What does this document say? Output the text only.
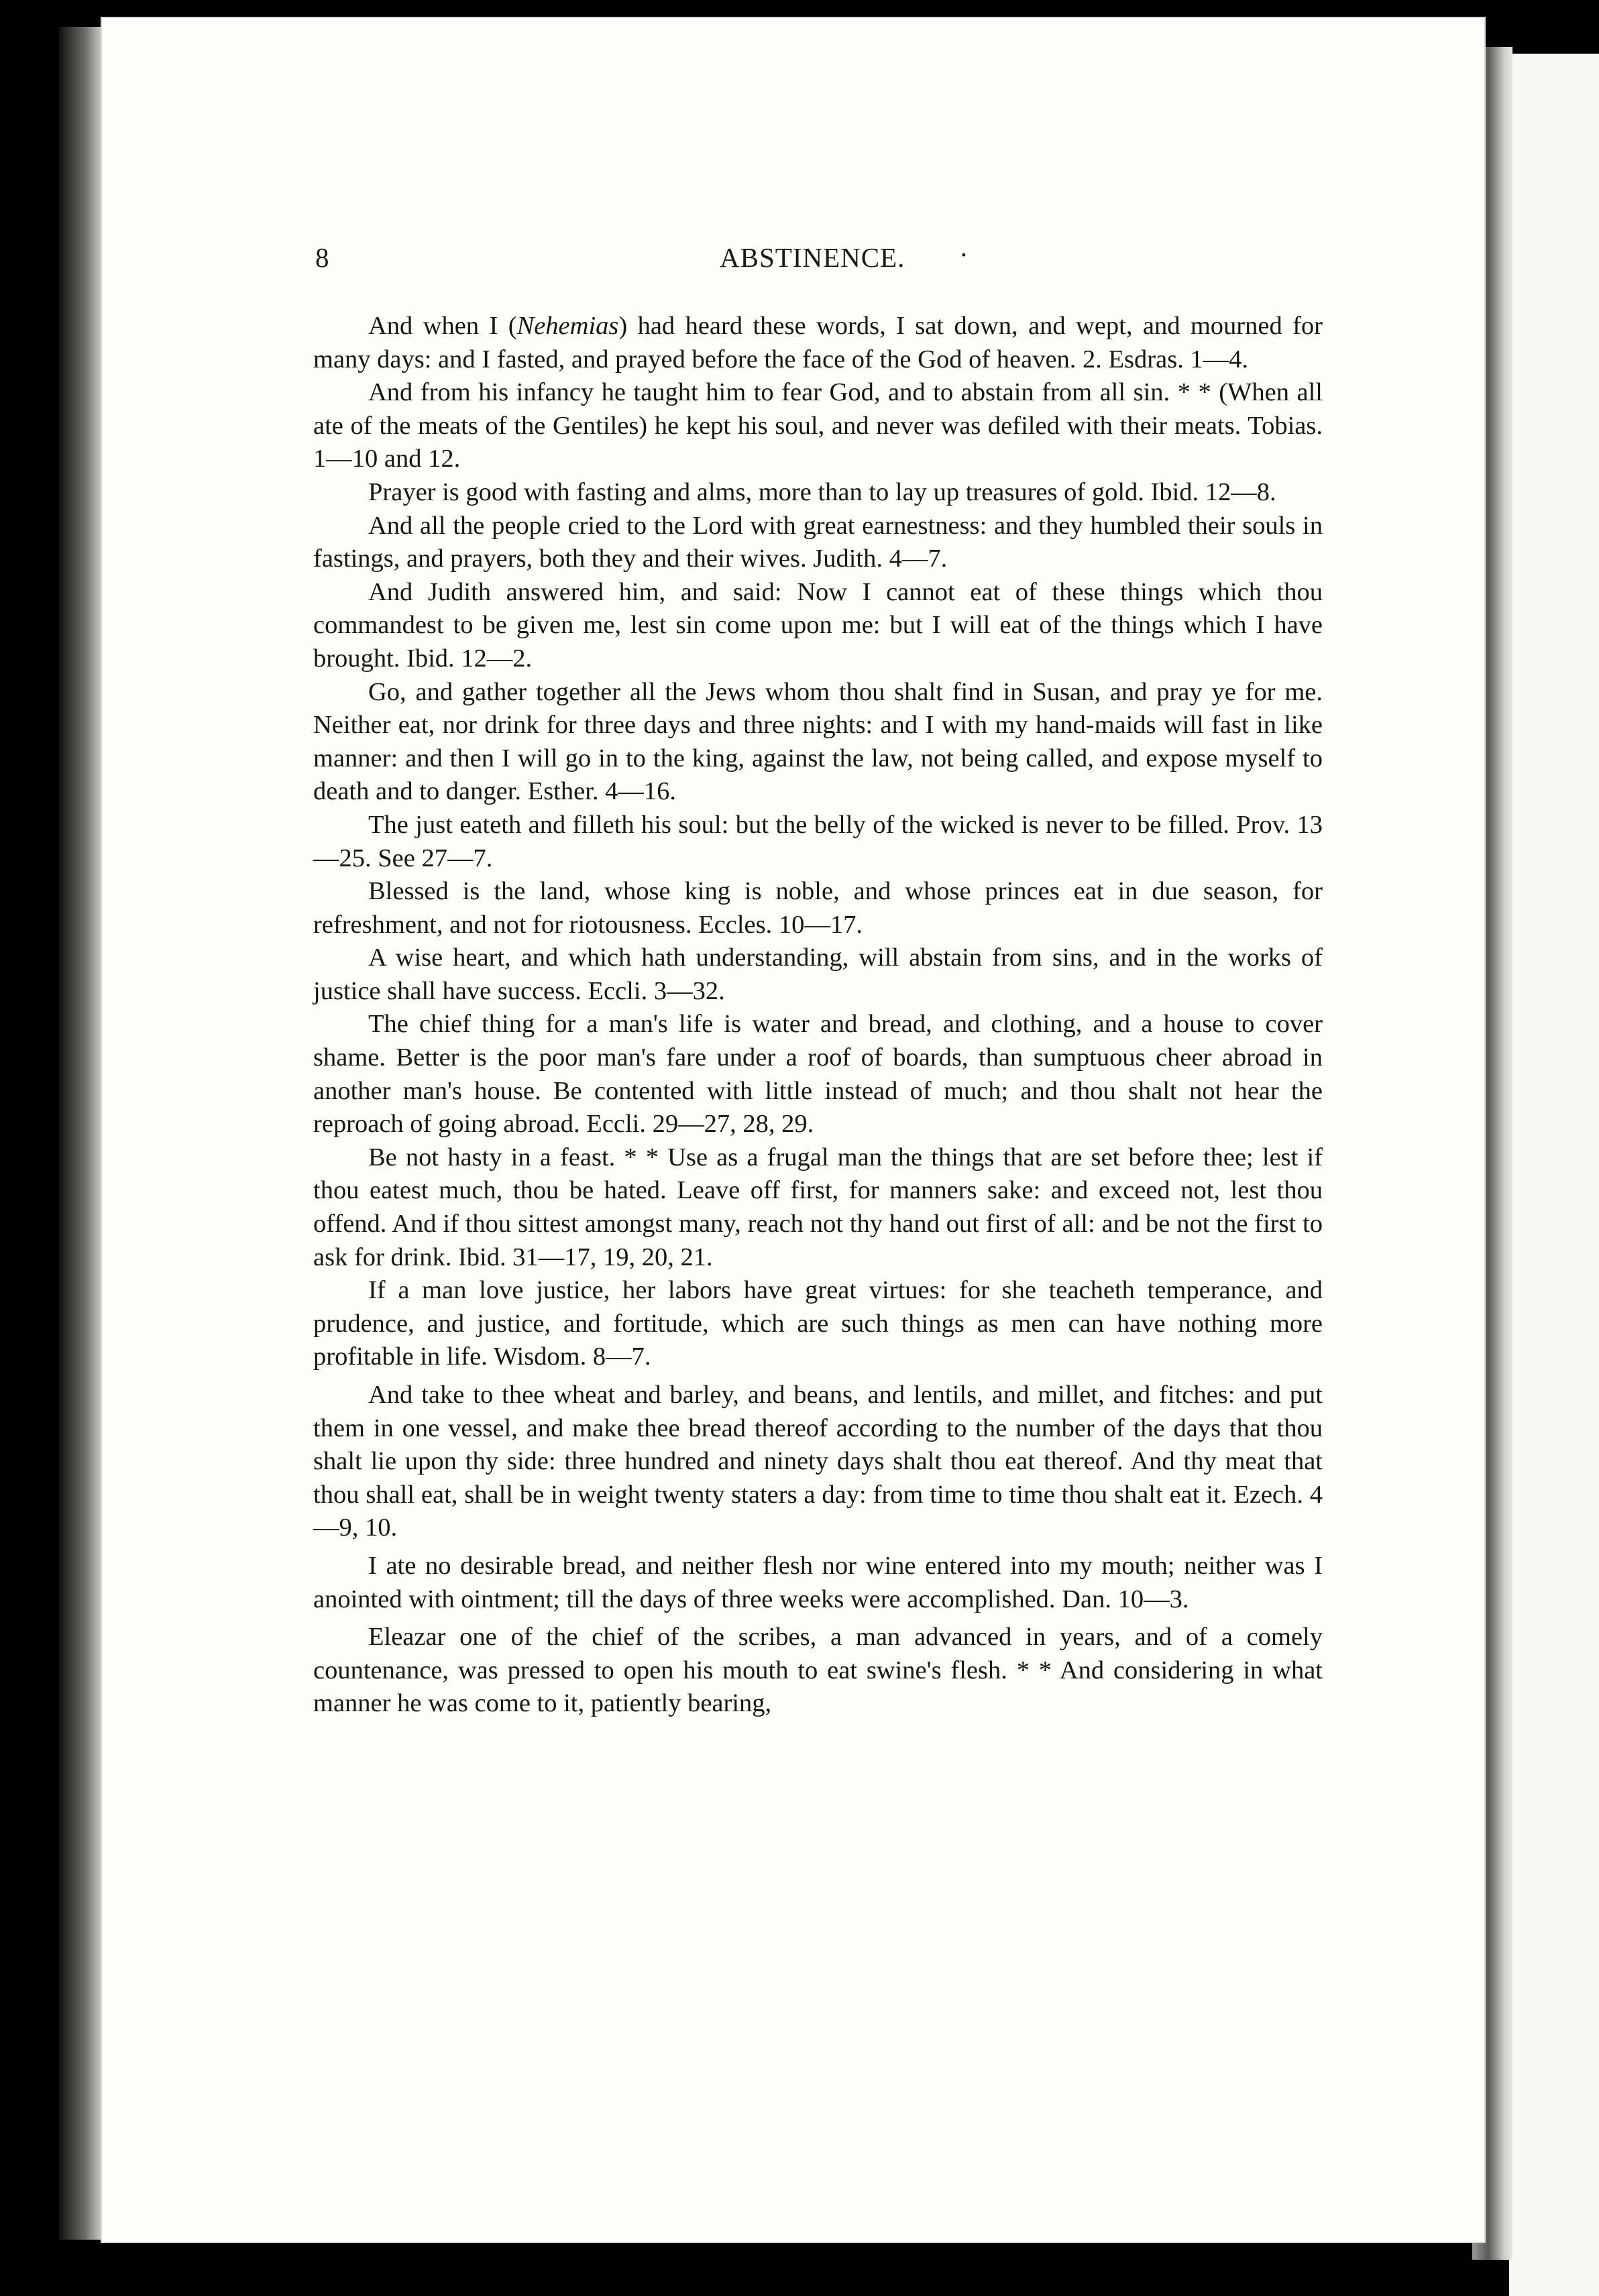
8	ABSTINENCE. ·

And when I (Nehemias) had heard these words, I sat down, and wept, and mourned for many days: and I fasted, and prayed before the face of the God of heaven. 2. Esdras. 1—4.

And from his infancy he taught him to fear God, and to abstain from all sin. * * (When all ate of the meats of the Gentiles) he kept his soul, and never was defiled with their meats. Tobias. 1—10 and 12.

Prayer is good with fasting and alms, more than to lay up treasures of gold. Ibid. 12—8.

And all the people cried to the Lord with great earnestness: and they humbled their souls in fastings, and prayers, both they and their wives. Judith. 4—7.

And Judith answered him, and said: Now I cannot eat of these things which thou commandest to be given me, lest sin come upon me: but I will eat of the things which I have brought. Ibid. 12—2.

Go, and gather together all the Jews whom thou shalt find in Susan, and pray ye for me. Neither eat, nor drink for three days and three nights: and I with my hand-maids will fast in like manner: and then I will go in to the king, against the law, not being called, and expose myself to death and to danger. Esther. 4—16.

The just eateth and filleth his soul: but the belly of the wicked is never to be filled. Prov. 13—25. See 27—7.

Blessed is the land, whose king is noble, and whose princes eat in due season, for refreshment, and not for riotousness. Eccles. 10—17.

A wise heart, and which hath understanding, will abstain from sins, and in the works of justice shall have success. Eccli. 3—32.

The chief thing for a man's life is water and bread, and clothing, and a house to cover shame. Better is the poor man's fare under a roof of boards, than sumptuous cheer abroad in another man's house. Be contented with little instead of much; and thou shalt not hear the reproach of going abroad. Eccli. 29—27, 28, 29.

Be not hasty in a feast. * * Use as a frugal man the things that are set before thee; lest if thou eatest much, thou be hated. Leave off first, for manners sake: and exceed not, lest thou offend. And if thou sittest amongst many, reach not thy hand out first of all: and be not the first to ask for drink. Ibid. 31—17, 19, 20, 21.

If a man love justice, her labors have great virtues: for she teacheth temperance, and prudence, and justice, and fortitude, which are such things as men can have nothing more profitable in life. Wisdom. 8—7.

And take to thee wheat and barley, and beans, and lentils, and millet, and fitches: and put them in one vessel, and make thee bread thereof according to the number of the days that thou shalt lie upon thy side: three hundred and ninety days shalt thou eat thereof. And thy meat that thou shall eat, shall be in weight twenty staters a day: from time to time thou shalt eat it. Ezech. 4—9, 10.

I ate no desirable bread, and neither flesh nor wine entered into my mouth; neither was I anointed with ointment; till the days of three weeks were accomplished. Dan. 10—3.

Eleazar one of the chief of the scribes, a man advanced in years, and of a comely countenance, was pressed to open his mouth to eat swine's flesh. * * And considering in what manner he was come to it, patiently bearing,
